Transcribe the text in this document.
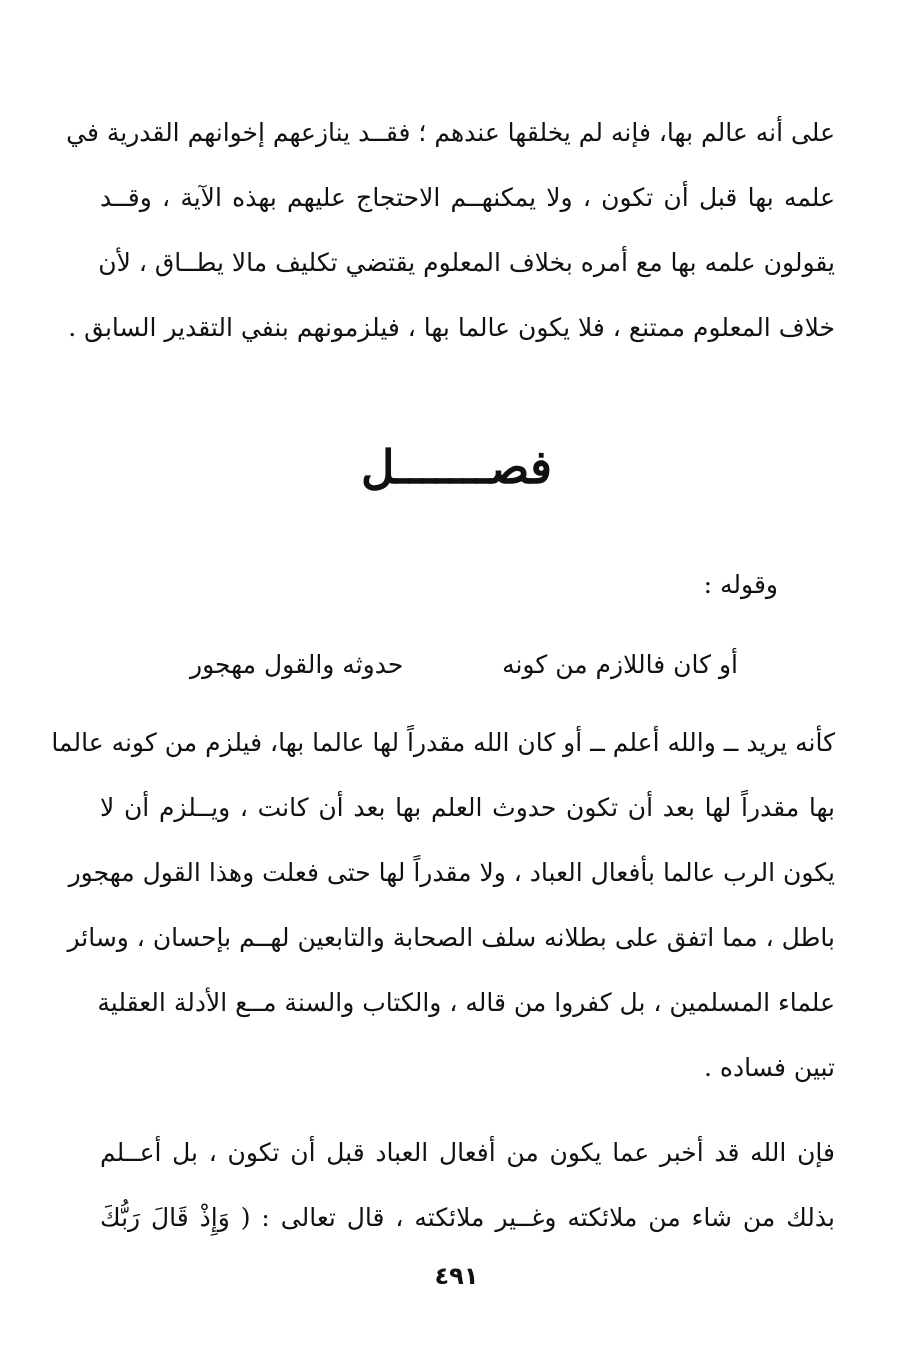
على أنه عالم بها، فإنه لم يخلقها عندهم ؛ فقــد ينازعهم إخوانهم القدرية في
علمه بها قبل أن تكون ، ولا يمكنهــم الاحتجاج عليهم بهذه الآية ، وقــد
يقولون علمه بها مع أمره بخلاف المعلوم يقتضي تكليف مالا يطــاق ، لأن
خلاف المعلوم ممتنع ، فلا يكون عالما بها ، فيلزمونهم بنفي التقدير السابق .
فصـــــــل
وقوله :
أو كان فاللازم من كونه
حدوثه والقول مهجور
كأنه يريد ــ والله أعلم ــ أو كان الله مقدراً لها عالما بها، فيلزم من كونه عالما
بها مقدراً لها بعد أن تكون حدوث العلم بها بعد أن كانت ، ويــلزم أن لا
يكون الرب عالما بأفعال العباد ، ولا مقدراً لها حتى فعلت وهذا القول مهجور
باطل ، مما اتفق على بطلانه سلف الصحابة والتابعين لهــم بإحسان ، وسائر
علماء المسلمين ، بل كفروا من قاله ، والكتاب والسنة مــع الأدلة العقلية
تبين فساده .
فإن الله قد أخبر عما يكون من أفعال العباد قبل أن تكون ، بل أعــلم
بذلك من شاء من ملائكته وغــير ملائكته ، قال تعالى : ( وَإِذْ قَالَ رَبُّكَ
٤٩١
